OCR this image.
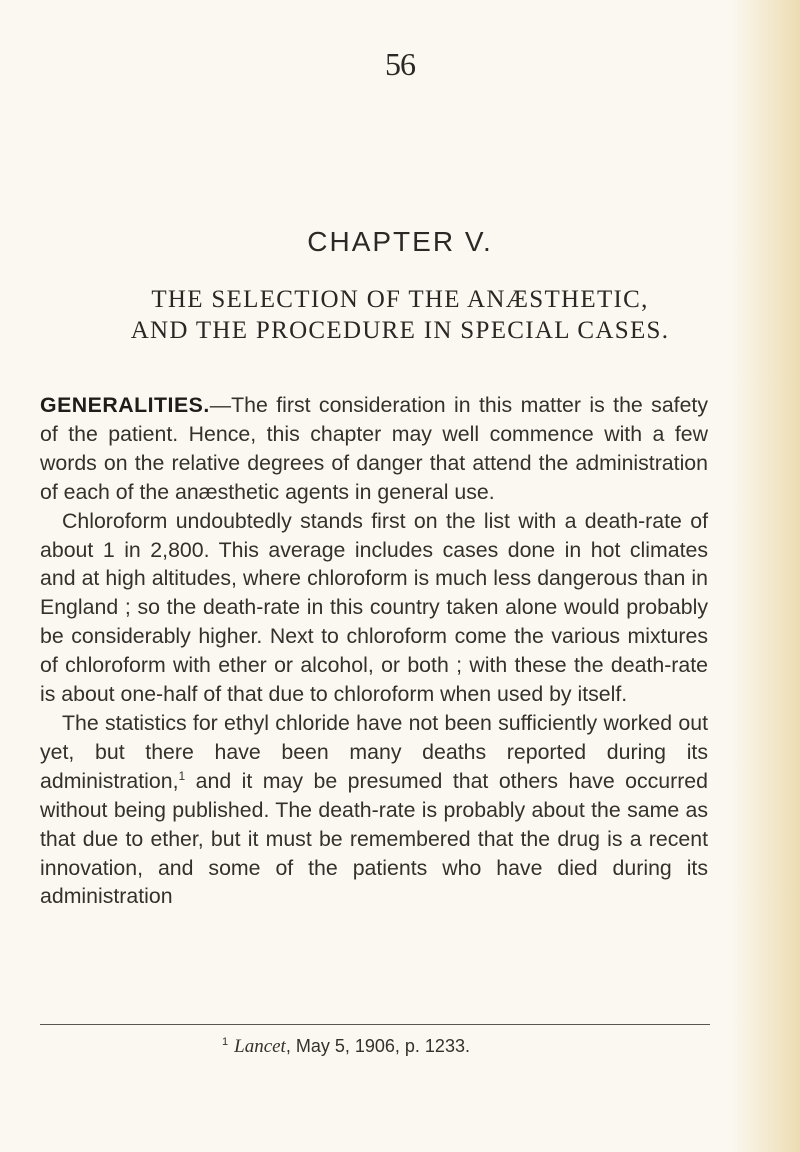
56
CHAPTER V.
THE SELECTION OF THE ANÆSTHETIC,
AND THE PROCEDURE IN SPECIAL CASES.

GENERALITIES.—The first consideration in this matter is the safety of the patient. Hence, this chapter may well commence with a few words on the relative degrees of danger that attend the administration of each of the anæsthetic agents in general use.

Chloroform undoubtedly stands first on the list with a death-rate of about 1 in 2,800. This average includes cases done in hot climates and at high altitudes, where chloroform is much less dangerous than in England ; so the death-rate in this country taken alone would probably be considerably higher. Next to chloroform come the various mixtures of chloroform with ether or alcohol, or both ; with these the death-rate is about one-half of that due to chloroform when used by itself.

The statistics for ethyl chloride have not been sufficiently worked out yet, but there have been many deaths reported during its administration,$^1$ and it may be presumed that others have occurred without being published. The death-rate is probably about the same as that due to ether, but it must be remembered that the drug is a recent innovation, and some of the patients who have died during its administration

$^1$ Lancet, May 5, 1906, p. 1233.
